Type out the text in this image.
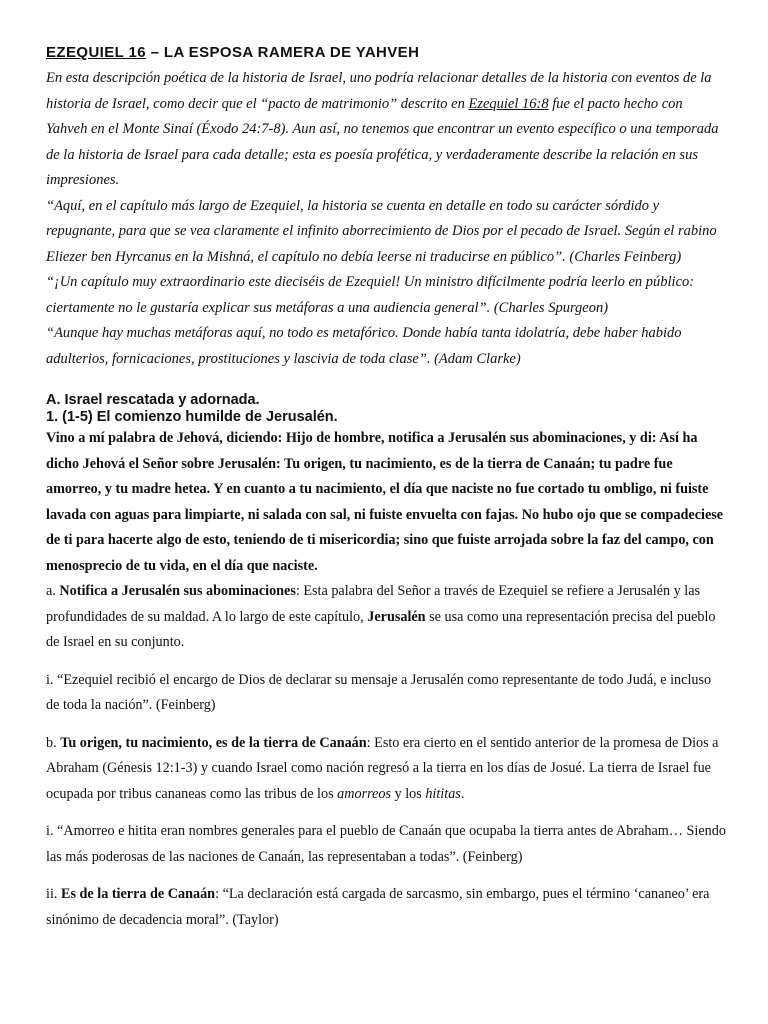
EZEQUIEL 16 – LA ESPOSA RAMERA DE YAHVEH

En esta descripción poética de la historia de Israel, uno podría relacionar detalles de la historia con eventos de la historia de Israel, como decir que el “pacto de matrimonio” descrito en Ezequiel 16:8 fue el pacto hecho con Yahveh en el Monte Sinaí (Éxodo 24:7-8). Aun así, no tenemos que encontrar un evento específico o una temporada de la historia de Israel para cada detalle; esta es poesía profética, y verdaderamente describe la relación en sus impresiones.

“Aquí, en el capítulo más largo de Ezequiel, la historia se cuenta en detalle en todo su carácter sórdido y repugnante, para que se vea claramente el infinito aborrecimiento de Dios por el pecado de Israel. Según el rabino Eliezer ben Hyrcanus en la Mishná, el capítulo no debía leerse ni traducirse en público”. (Charles Feinberg)

“¡Un capítulo muy extraordinario este dieciséis de Ezequiel! Un ministro difícilmente podría leerlo en público: ciertamente no le gustaría explicar sus metáforas a una audiencia general”. (Charles Spurgeon)

“Aunque hay muchas metáforas aquí, no todo es metafórico. Donde había tanta idolatría, debe haber habido adulterios, fornicaciones, prostituciones y lascivia de toda clase”. (Adam Clarke)

A. Israel rescatada y adornada.
1. (1-5) El comienzo humilde de Jerusalén.

Vino a mí palabra de Jehová, diciendo: Hijo de hombre, notifica a Jerusalén sus abominaciones, y di: Así ha dicho Jehová el Señor sobre Jerusalén: Tu origen, tu nacimiento, es de la tierra de Canaán; tu padre fue amorreo, y tu madre hetea. Y en cuanto a tu nacimiento, el día que naciste no fue cortado tu ombligo, ni fuiste lavada con aguas para limpiarte, ni salada con sal, ni fuiste envuelta con fajas. No hubo ojo que se compadeciese de ti para hacerte algo de esto, teniendo de ti misericordia; sino que fuiste arrojada sobre la faz del campo, con menosprecio de tu vida, en el día que naciste.

a. Notifica a Jerusalén sus abominaciones: Esta palabra del Señor a través de Ezequiel se refiere a Jerusalén y las profundidades de su maldad. A lo largo de este capítulo, Jerusalén se usa como una representación precisa del pueblo de Israel en su conjunto.

i. “Ezequiel recibió el encargo de Dios de declarar su mensaje a Jerusalén como representante de todo Judá, e incluso de toda la nación”. (Feinberg)

b. Tu origen, tu nacimiento, es de la tierra de Canaán: Esto era cierto en el sentido anterior de la promesa de Dios a Abraham (Génesis 12:1-3) y cuando Israel como nación regresó a la tierra en los días de Josué. La tierra de Israel fue ocupada por tribus cananeas como las tribus de los amorreos y los hititas.

i. “Amorreo e hitita eran nombres generales para el pueblo de Canaán que ocupaba la tierra antes de Abraham… Siendo las más poderosas de las naciones de Canaán, las representaban a todas”. (Feinberg)

ii. Es de la tierra de Canaán: “La declaración está cargada de sarcasmo, sin embargo, pues el término ‘cananeo’ era sinónimo de decadencia moral”. (Taylor)
